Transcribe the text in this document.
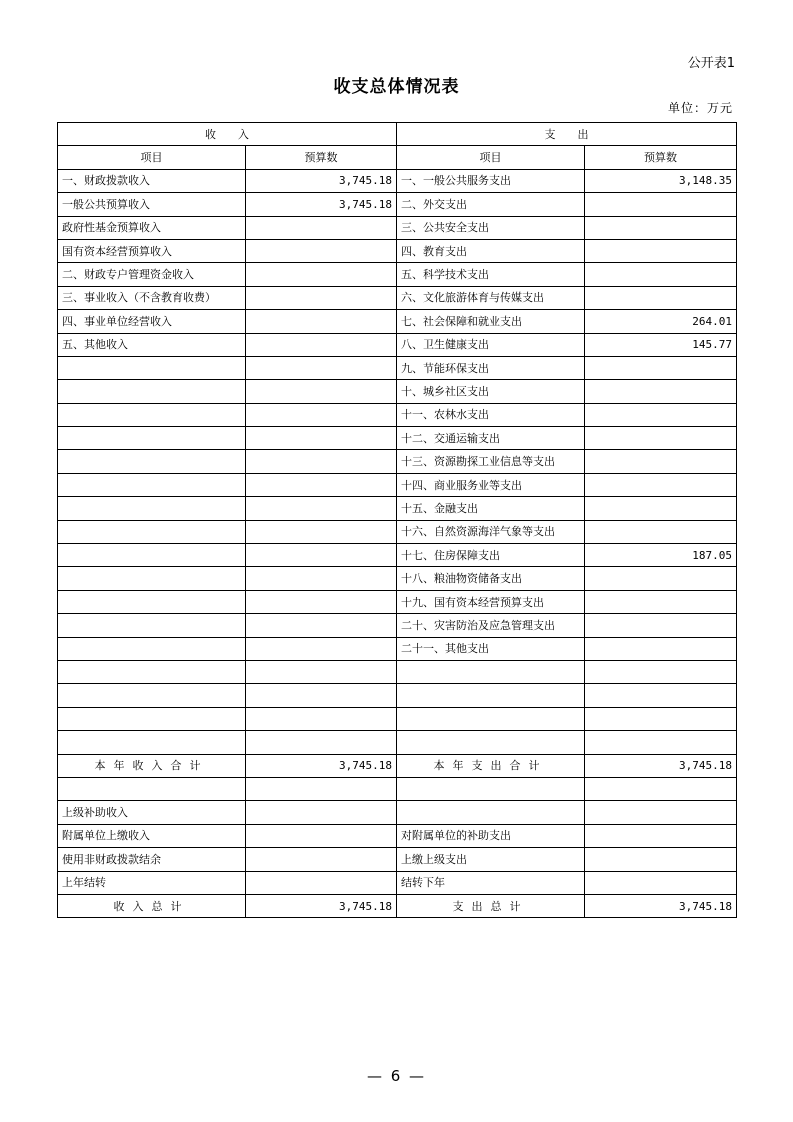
公开表1
收支总体情况表
单位：万元
收　　入		支　　出	
项目	预算数	项目	预算数
一、财政拨款收入	3,745.18	一、一般公共服务支出	3,148.35
一般公共预算收入	3,745.18	二、外交支出	
政府性基金预算收入		三、公共安全支出	
国有资本经营预算收入		四、教育支出	
二、财政专户管理资金收入		五、科学技术支出	
三、事业收入（不含教育收费）		六、文化旅游体育与传媒支出	
四、事业单位经营收入		七、社会保障和就业支出	264.01
五、其他收入		八、卫生健康支出	145.77
		九、节能环保支出	
		十、城乡社区支出	
		十一、农林水支出	
		十二、交通运输支出	
		十三、资源勘探工业信息等支出	
		十四、商业服务业等支出	
		十五、金融支出	
		十六、自然资源海洋气象等支出	
		十七、住房保障支出	187.05
		十八、粮油物资储备支出	
		十九、国有资本经营预算支出	
		二十、灾害防治及应急管理支出	
		二十一、其他支出	

本年收入合计	3,745.18	本年支出合计	3,745.18

上级补助收入			
附属单位上缴收入		对附属单位的补助支出	
使用非财政拨款结余		上缴上级支出	
上年结转		结转下年	
收入总计	3,745.18	支出总计	3,745.18
— 6 —
